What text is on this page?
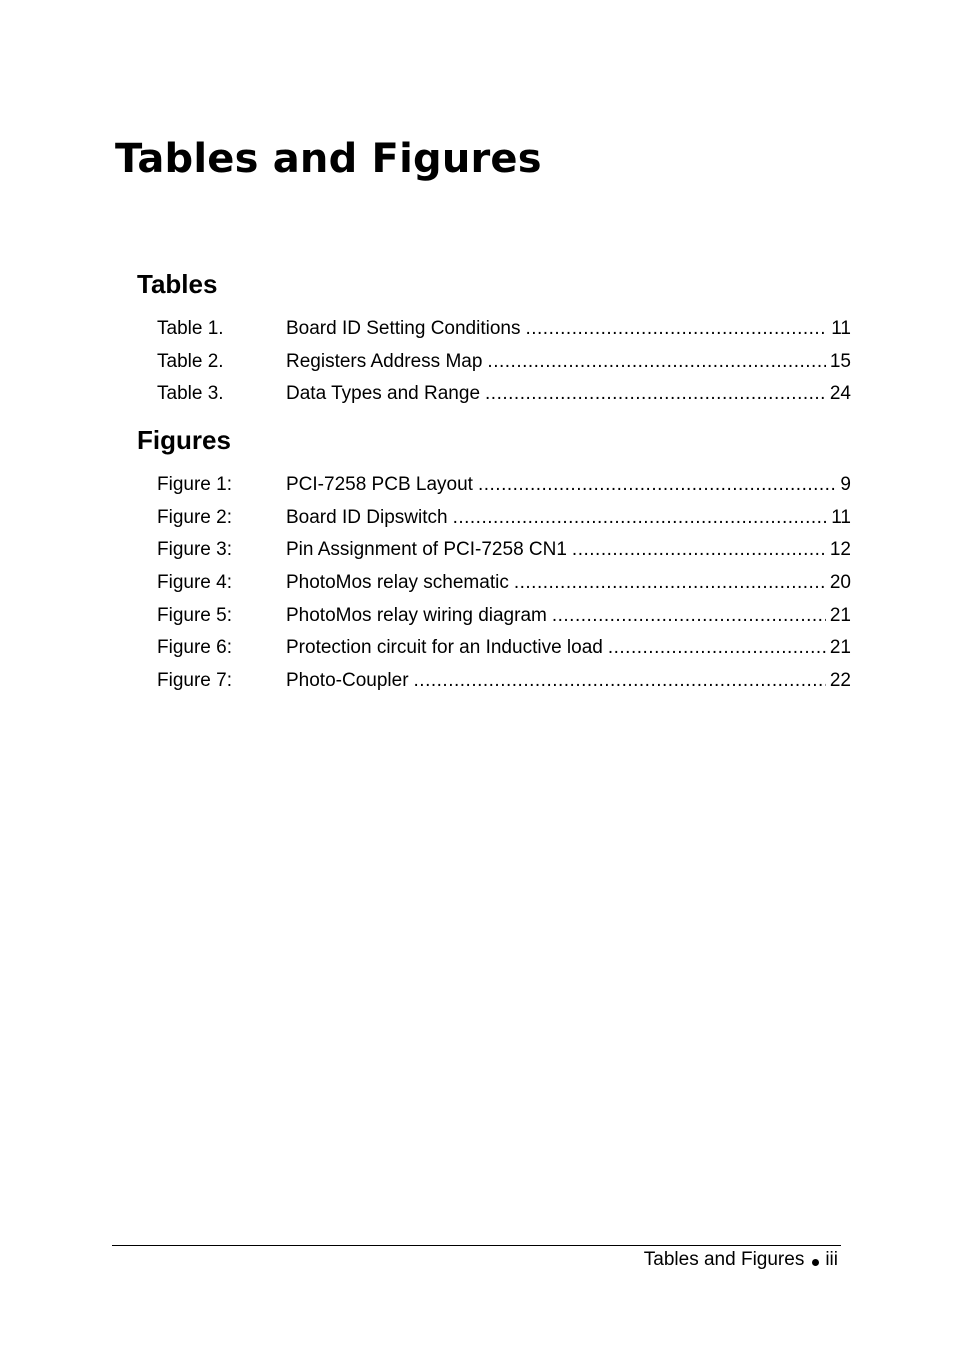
Tables and Figures
Tables
Table 1.	Board ID Setting Conditions .....	11
Table 2.	Registers Address Map .....	15
Table 3.	Data Types and Range .....	24
Figures
Figure 1:	PCI-7258 PCB Layout .....	9
Figure 2:	Board ID Dipswitch .....	11
Figure 3:	Pin Assignment of PCI-7258 CN1 .....	12
Figure 4:	PhotoMos relay schematic .....	20
Figure 5:	PhotoMos relay wiring diagram .....	21
Figure 6:	Protection circuit for an Inductive load .....	21
Figure 7:	Photo-Coupler .....	22
Tables and Figures iii
